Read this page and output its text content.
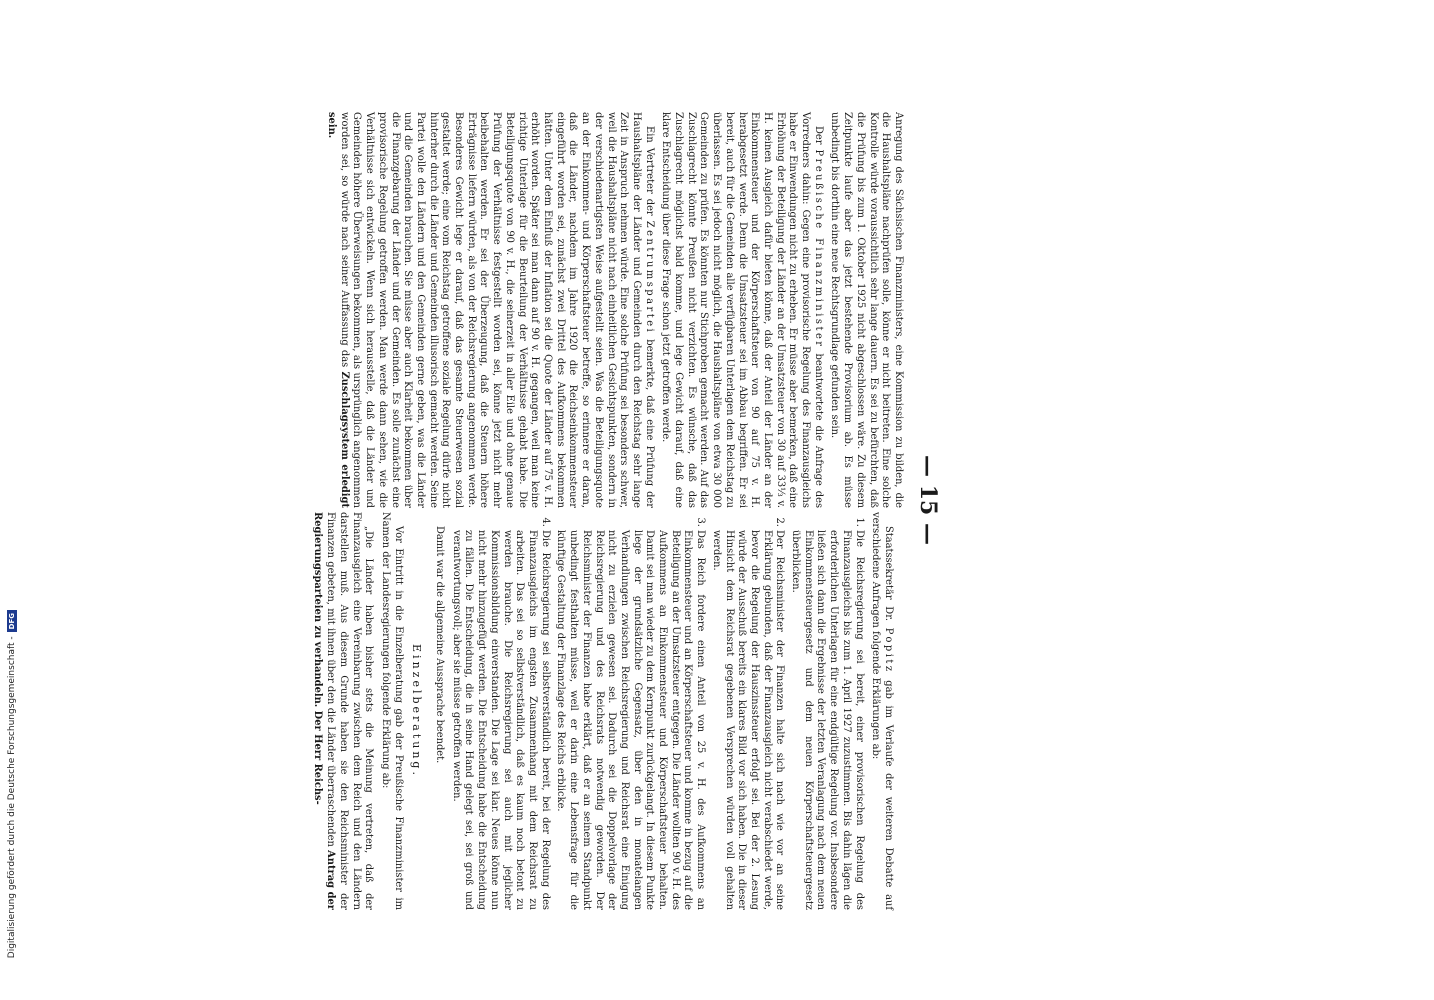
— 15 —

Anregung des Sächsischen Finanzministers, eine Kommission zu bilden, die die Haushaltspläne nachprüfen solle, könne er nicht beitreten. Eine solche Kontrolle würde voraussichtlich sehr lange dauern. Es sei zu befürchten, daß die Prüfung bis zum 1. Oktober 1925 nicht abgeschlossen wäre. Zu diesem Zeitpunkte laufe aber das jetzt bestehende Provisorium ab. Es müsse unbedingt bis dorthin eine neue Rechtsgrundlage gefunden sein.

Der Preußische Finanzminister beantwortete die Anfrage des Vorredners dahin: Gegen eine provisorische Regelung des Finanzausgleichs habe er Einwendungen nicht zu erheben. Er müsse aber bemerken, daß eine Erhöhung der Beteiligung der Länder an der Umsatzsteuer von 30 auf 33⅓ v. H. keinen Ausgleich dafür bieten könne, daß der Anteil der Länder an der Einkommensteuer und der Körperschaftsteuer von 90 auf 75 v. H. herabgesetzt werde. Denn die Umsatzsteuer sei im Abbau begriffen. Er sei bereit, auch für die Gemeinden alle verfügbaren Unterlagen dem Reichstag zu überlassen. Es sei jedoch nicht möglich, die Haushaltspläne von etwa 30 000 Gemeinden zu prüfen. Es könnten nur Stichproben gemacht werden. Auf das Zuschlagrecht könnte Preußen nicht verzichten. Es wünsche, daß das Zuschlagrecht möglichst bald komme, und lege Gewicht darauf, daß eine klare Entscheidung über diese Frage schon jetzt getroffen werde.

Ein Vertreter der Zentrumspartei bemerkte, daß eine Prüfung der Haushaltspläne der Länder und Gemeinden durch den Reichstag sehr lange Zeit in Anspruch nehmen würde. Eine solche Prüfung sei besonders schwer, weil die Haushaltspläne nicht nach einheitlichen Gesichtspunkten, sondern in der verschiedenartigsten Weise aufgestellt seien. Was die Beteiligungsquote an der Einkommen- und Körperschaftsteuer betreffe, so erinnere er daran, daß die Länder, nachdem im Jahre 1920 die Reichseinkommensteuer eingeführt worden sei, zunächst zwei Drittel des Aufkommens bekommen hätten. Unter dem Einfluß der Inflation sei die Quote der Länder auf 75 v. H. erhöht worden. Später sei man dann auf 90 v. H. gegangen, weil man keine richtige Unterlage für die Beurteilung der Verhältnisse gehabt habe. Die Beteiligungsquote von 90 v. H., die seinerzeit in aller Eile und ohne genaue Prüfung der Verhältnisse festgestellt worden sei, könne jetzt nicht mehr beibehalten werden. Er sei der Überzeugung, daß die Steuern höhere Erträgnisse liefern würden, als von der Reichsregierung angenommen werde. Besonderes Gewicht lege er darauf, daß das gesamte Steuerwesen sozial gestaltet werde; eine vom Reichstag getroffene soziale Regelung dürfe nicht hinterher durch die Länder und Gemeinden illusorisch gemacht werden. Seine Partei wolle den Ländern und den Gemeinden gerne geben, was die Länder und die Gemeinden brauchen. Sie müsse aber auch Klarheit bekommen über die Finanzgebarung der Länder und der Gemeinden. Es solle zunächst eine provisorische Regelung getroffen werden. Man werde dann sehen, wie die Verhältnisse sich entwickeln. Wenn sich herausstelle, daß die Länder und Gemeinden höhere Überweisungen bekommen, als ursprünglich angenommen worden sei, so würde nach seiner Auffassung das Zuschlagsystem erledigt sein.

Staatssekretär Dr. Popitz gab im Verlaufe der weiteren Debatte auf verschiedene Anfragen folgende Erklärungen ab:

1. Die Reichsregierung sei bereit, einer provisorischen Regelung des Finanzausgleichs bis zum 1. April 1927 zuzustimmen. Bis dahin lägen die erforderlichen Unterlagen für eine endgültige Regelung vor. Insbesondere ließen sich dann die Ergebnisse der letzten Veranlagung nach dem neuen Einkommensteuergesetz und dem neuen Körperschaftsteuergesetz überblicken.
2. Der Reichsminister der Finanzen halte sich nach wie vor an seine Erklärung gebunden, daß der Finanzausgleich nicht verabschiedet werde, bevor die Regelung der Hauszinssteuer erfolgt sei. Bei der 2. Lesung würde der Ausschuß bereits ein klares Bild vor sich haben. Die in dieser Hinsicht dem Reichsrat gegebenen Versprechen würden voll gehalten werden.
3. Das Reich fordere einen Anteil von 25 v. H. des Aufkommens an Einkommensteuer und an Körperschaftsteuer und komme in bezug auf die Beteiligung an der Umsatzsteuer entgegen. Die Länder wollten 90 v. H. des Aufkommens an Einkommensteuer und Körperschaftsteuer behalten. Damit sei man wieder zu dem Kernpunkt zurückgelangt. In diesem Punkte liege der grundsätzliche Gegensatz, über den in monatelangen Verhandlungen zwischen Reichsregierung und Reichsrat eine Einigung nicht zu erzielen gewesen sei. Dadurch sei die Doppelvorlage der Reichsregierung und des Reichsrats notwendig geworden. Der Reichsminister der Finanzen habe erklärt, daß er an seinem Standpunkt unbedingt festhalten müsse, weil er darin eine Lebensfrage für die künftige Gestaltung der Finanzlage des Reichs erblicke.
4. Die Reichsregierung sei selbstverständlich bereit, bei der Regelung des Finanzausgleichs im engsten Zusammenhang mit dem Reichsrat zu arbeiten. Das sei so selbstverständlich, daß es kaum noch betont zu werden brauche. Die Reichsregierung sei auch mit jeglicher Kommissionsbildung einverstanden. Die Lage sei klar. Neues könne nun nicht mehr hinzugefügt werden. Die Entscheidung habe die Entscheidung zu fällen. Die Entscheidung, die in seine Hand gelegt sei, sei groß und verantwortungsvoll; aber sie müsse getroffen werden.

Damit war die allgemeine Aussprache beendet.

Einzelberatung.

Vor Eintritt in die Einzelberatung gab der Preußische Finanzminister im Namen der Landesregierungen folgende Erklärung ab:

„Die Länder haben bisher stets die Meinung vertreten, daß der Finanzausgleich eine Vereinbarung zwischen dem Reich und den Ländern darstellen muß. Aus diesem Grunde haben sie den Reichsminister der Finanzen gebeten, mit ihnen über den die Länder überraschenden Antrag der Regierungsparteien zu verhandeln. Der Herr Reichs-

Digitalisierung gefördert durch die Deutsche Forschungsgemeinschaft -
DFG
